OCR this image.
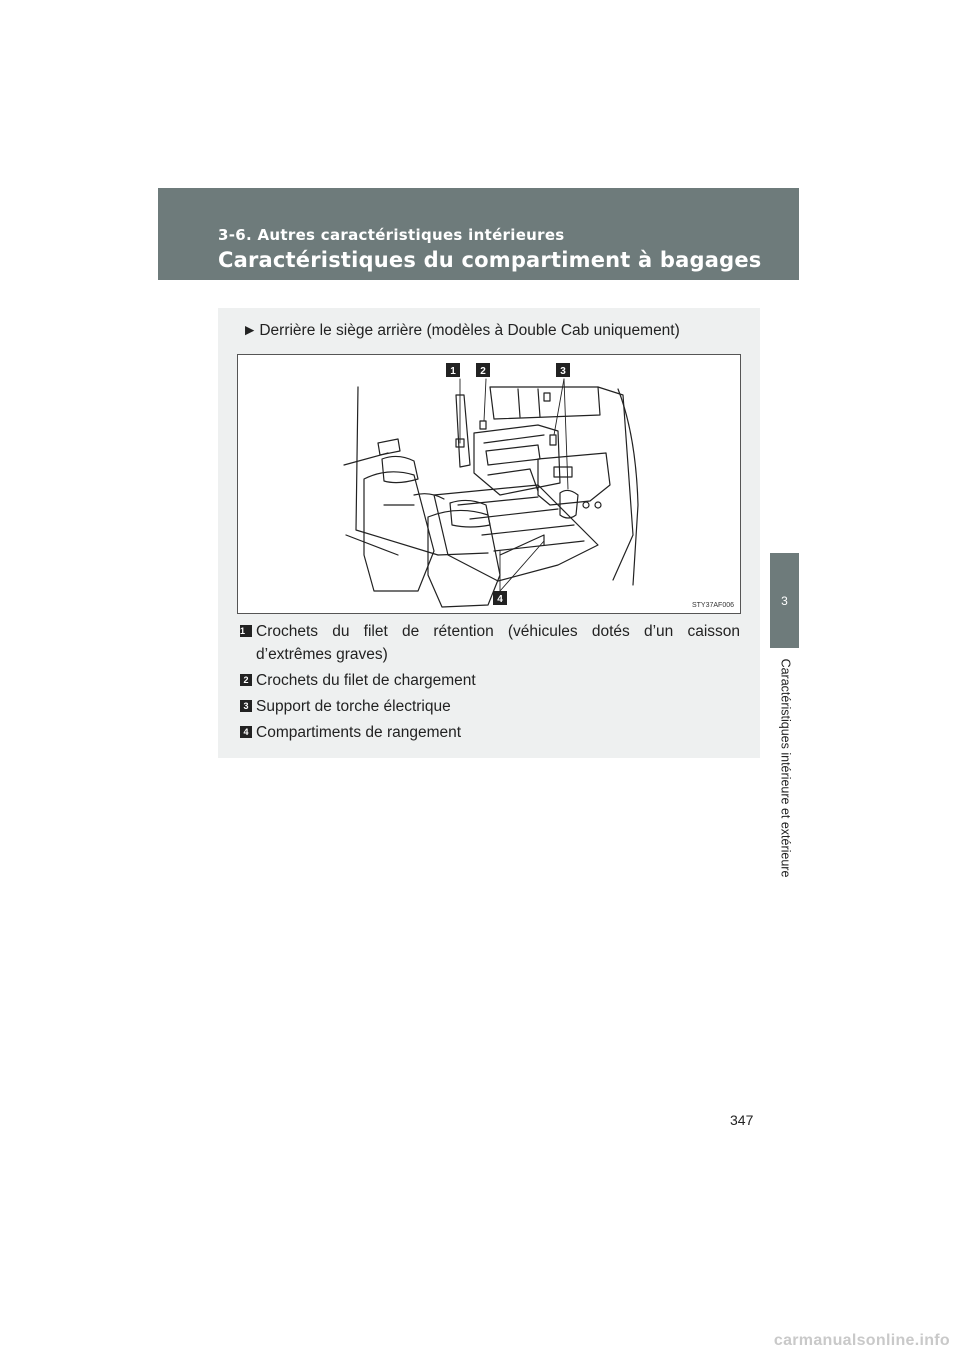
3-6. Autres caractéristiques intérieures
Caractéristiques du compartiment à bagages
3
Caractéristiques intérieure et extérieure
► Derrière le siège arrière (modèles à Double Cab uniquement)
1 2	3
4
STY37AF006
1 Crochets du filet de rétention (véhicules dotés d’un caisson d’extrêmes graves)
2 Crochets du filet de chargement
3 Support de torche électrique
4 Compartiments de rangement
347
carmanualsonline.info
